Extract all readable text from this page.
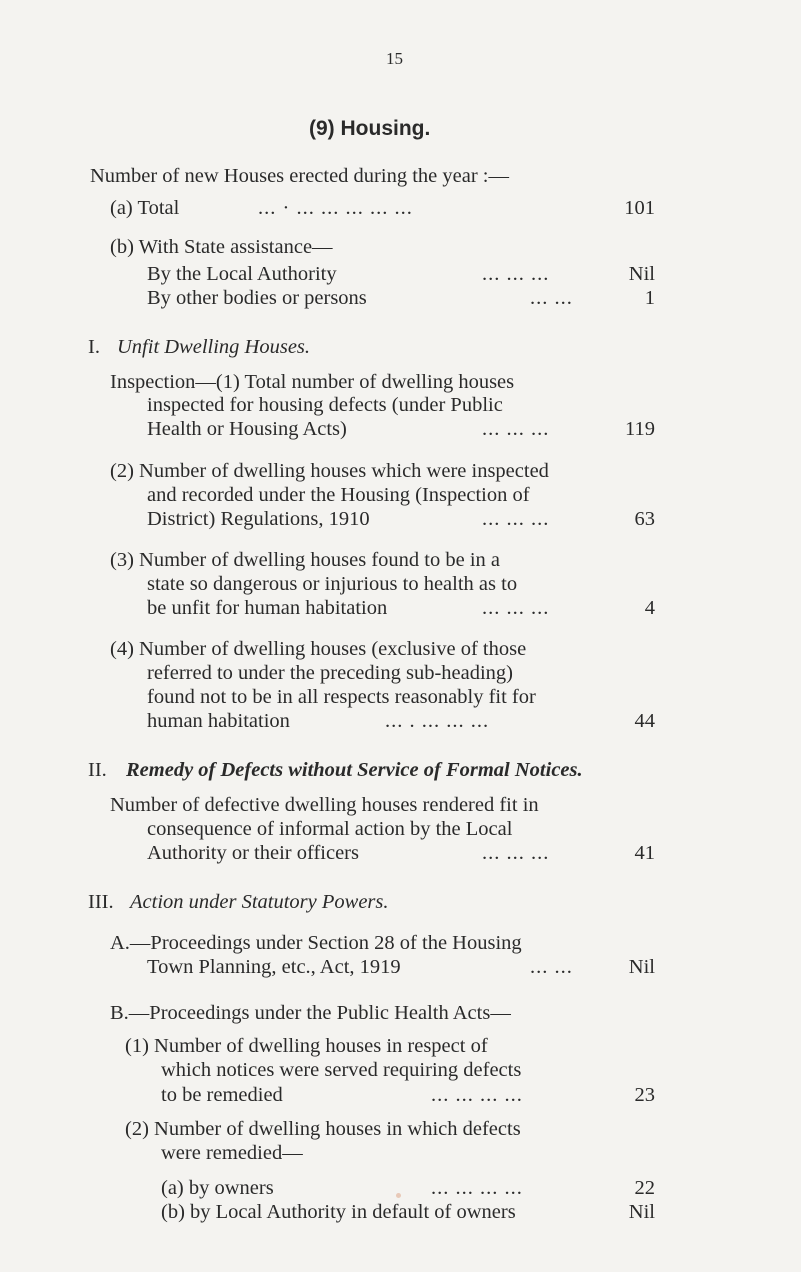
15
(9) Housing.
Number of new Houses erected during the year :—
(a) Total	... · ... ... ... ... ...	101
(b) With State assistance—
By the Local Authority	... ... ...	Nil
By other bodies or persons	... ...	1
I. Unfit Dwelling Houses.
Inspection—(1) Total number of dwelling houses
inspected for housing defects (under Public
Health or Housing Acts)	... ... ...	119
(2) Number of dwelling houses which were inspected
and recorded under the Housing (Inspection of
District) Regulations, 1910	... ... ...	63
(3) Number of dwelling houses found to be in a
state so dangerous or injurious to health as to
be unfit for human habitation	... ... ...	4
(4) Number of dwelling houses (exclusive of those
referred to under the preceding sub-heading)
found not to be in all respects reasonably fit for
human habitation	... . ... ... ...	44
II. Remedy of Defects without Service of Formal Notices.
Number of defective dwelling houses rendered fit in
consequence of informal action by the Local
Authority or their officers	... ... ...	41
III. Action under Statutory Powers.
A.—Proceedings under Section 28 of the Housing
Town Planning, etc., Act, 1919	... ...	Nil
B.—Proceedings under the Public Health Acts—
(1) Number of dwelling houses in respect of
which notices were served requiring defects
to be remedied	... ... ... ...	23
(2) Number of dwelling houses in which defects
were remedied—
(a) by owners	... ... ... ...	22
(b) by Local Authority in default of owners	Nil
